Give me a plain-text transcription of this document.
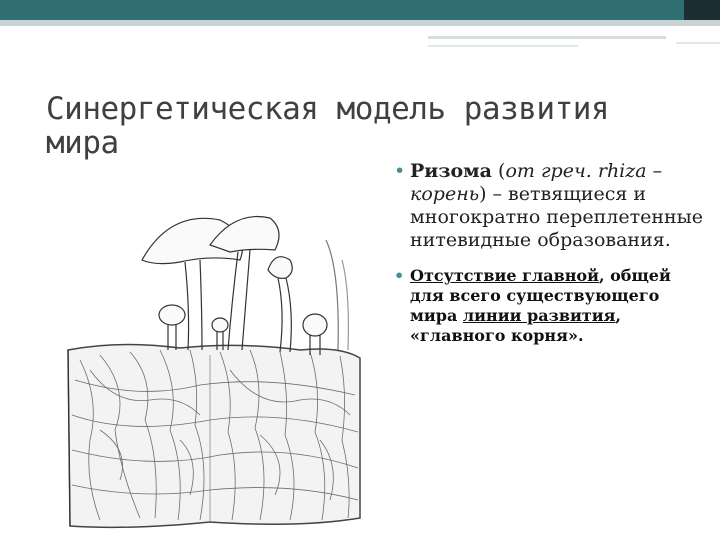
Синергетическая модель развития мира
• Ризома (от греч. rhiza – корень) – ветвящиеся и многократно переплетенные нитевидные образования.
• Отсутствие главной, общей для всего существующего мира линии развития, «главного корня».
